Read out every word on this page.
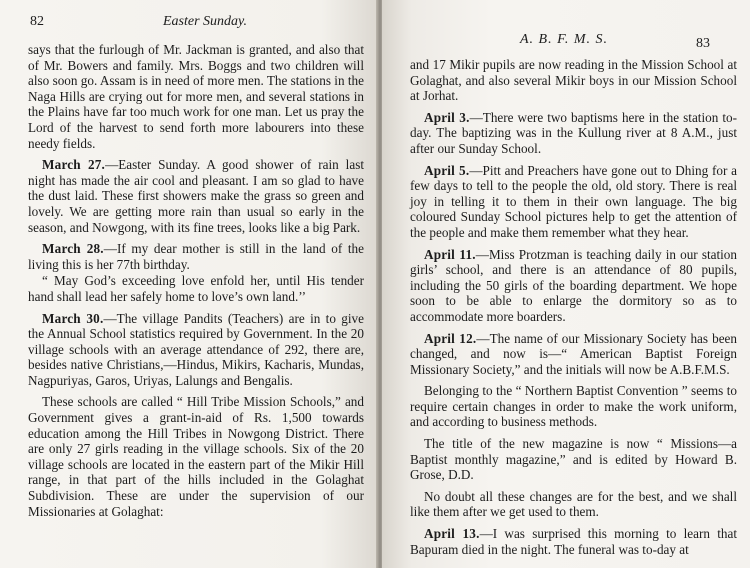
82	Easter Sunday.

says that the furlough of Mr. Jackman is granted, and also that of Mr. Bowers and family. Mrs. Boggs and two children will also soon go. Assam is in need of more men. The stations in the Naga Hills are crying out for more men, and several stations in the Plains have far too much work for one man. Let us pray the Lord of the harvest to send forth more labourers into these needy fields.

March 27.—Easter Sunday. A good shower of rain last night has made the air cool and pleasant. I am so glad to have the dust laid. These first showers make the grass so green and lovely. We are getting more rain than usual so early in the season, and Nowgong, with its fine trees, looks like a big Park.

March 28.—If my dear mother is still in the land of the living this is her 77th birthday.

“ May God’s exceeding love enfold her, until His tender hand shall lead her safely home to love’s own land.’’

March 30.—The village Pandits (Teachers) are in to give the Annual School statistics required by Government. In the 20 village schools with an average attendance of 292, there are, besides native Christians,—Hindus, Mikirs, Kacharis, Mundas, Nagpuriyas, Garos, Uriyas, Lalungs and Bengalis.

These schools are called “ Hill Tribe Mission Schools,” and Government gives a grant-in-aid of Rs. 1,500 towards education among the Hill Tribes in Nowgong District. There are only 27 girls reading in the village schools. Six of the 20 village schools are located in the eastern part of the Mikir Hill range, in that part of the hills included in the Golaghat Subdivision. These are under the supervision of our Missionaries at Golaghat:

A. B. F. M. S.	83

and 17 Mikir pupils are now reading in the Mission School at Golaghat, and also several Mikir boys in our Mission School at Jorhat.

April 3.—There were two baptisms here in the station to-day. The baptizing was in the Kullung river at 8 A.M., just after our Sunday School.

April 5.—Pitt and Preachers have gone out to Dhing for a few days to tell to the people the old, old story. There is real joy in telling it to them in their own language. The big coloured Sunday School pictures help to get the attention of the people and make them remember what they hear.

April 11.—Miss Protzman is teaching daily in our station girls’ school, and there is an attendance of 80 pupils, including the 50 girls of the boarding department. We hope soon to be able to enlarge the dormitory so as to accommodate more boarders.

April 12.—The name of our Missionary Society has been changed, and now is—“ American Baptist Foreign Missionary Society,” and the initials will now be A.B.F.M.S.

Belonging to the “ Northern Baptist Convention ” seems to require certain changes in order to make the work uniform, and according to business methods.

The title of the new magazine is now “ Missions—a Baptist monthly magazine,” and is edited by Howard B. Grose, D.D.

No doubt all these changes are for the best, and we shall like them after we get used to them.

April 13.—I was surprised this morning to learn that Bapuram died in the night. The funeral was to-day at
